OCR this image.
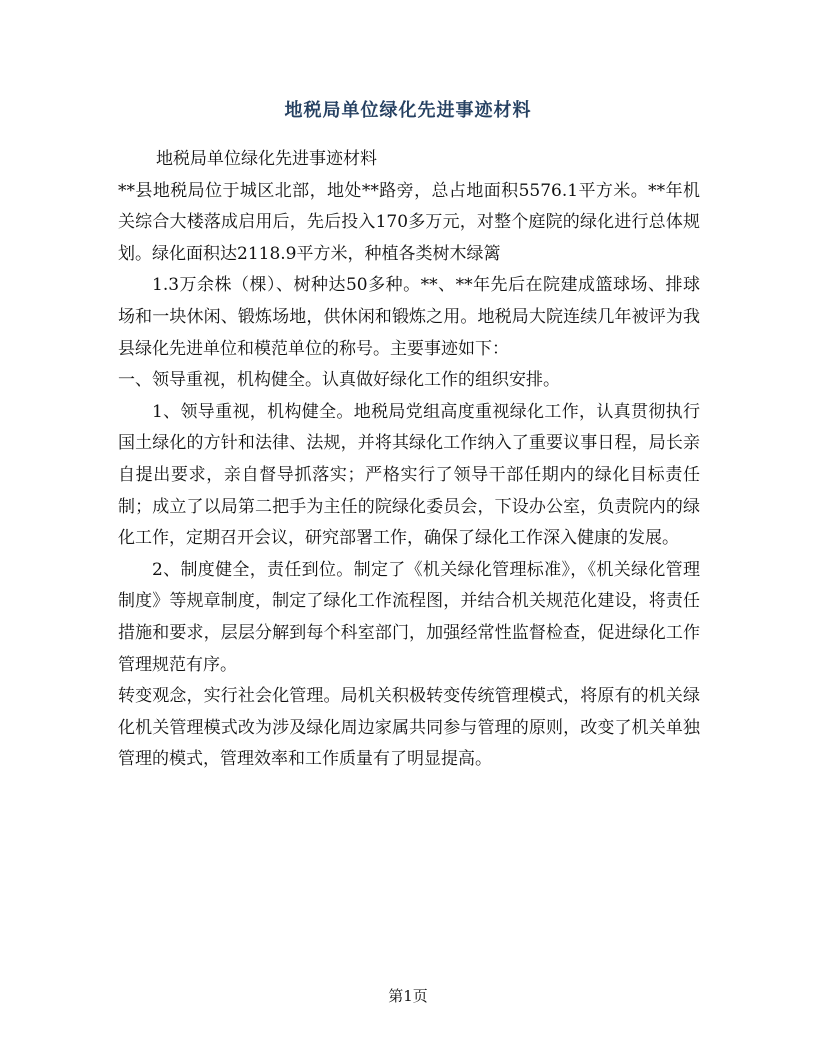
地税局单位绿化先进事迹材料

地税局单位绿化先进事迹材料

**县地税局位于城区北部，地处**路旁，总占地面积5576.1平方米。**年机关综合大楼落成启用后，先后投入170多万元，对整个庭院的绿化进行总体规划。绿化面积达2118.9平方米，种植各类树木绿篱

1.3万余株（棵）、树种达50多种。**、**年先后在院建成篮球场、排球场和一块休闲、锻炼场地，供休闲和锻炼之用。地税局大院连续几年被评为我县绿化先进单位和模范单位的称号。主要事迹如下：

一、领导重视，机构健全。认真做好绿化工作的组织安排。

1、领导重视，机构健全。地税局党组高度重视绿化工作，认真贯彻执行国土绿化的方针和法律、法规，并将其绿化工作纳入了重要议事日程，局长亲自提出要求，亲自督导抓落实；严格实行了领导干部任期内的绿化目标责任制；成立了以局第二把手为主任的院绿化委员会，下设办公室，负责院内的绿化工作，定期召开会议，研究部署工作，确保了绿化工作深入健康的发展。

2、制度健全，责任到位。制定了《机关绿化管理标准》，《机关绿化管理制度》等规章制度，制定了绿化工作流程图，并结合机关规范化建设，将责任措施和要求，层层分解到每个科室部门，加强经常性监督检查，促进绿化工作管理规范有序。

转变观念，实行社会化管理。局机关积极转变传统管理模式，将原有的机关绿化机关管理模式改为涉及绿化周边家属共同参与管理的原则，改变了机关单独管理的模式，管理效率和工作质量有了明显提高。

第1页
